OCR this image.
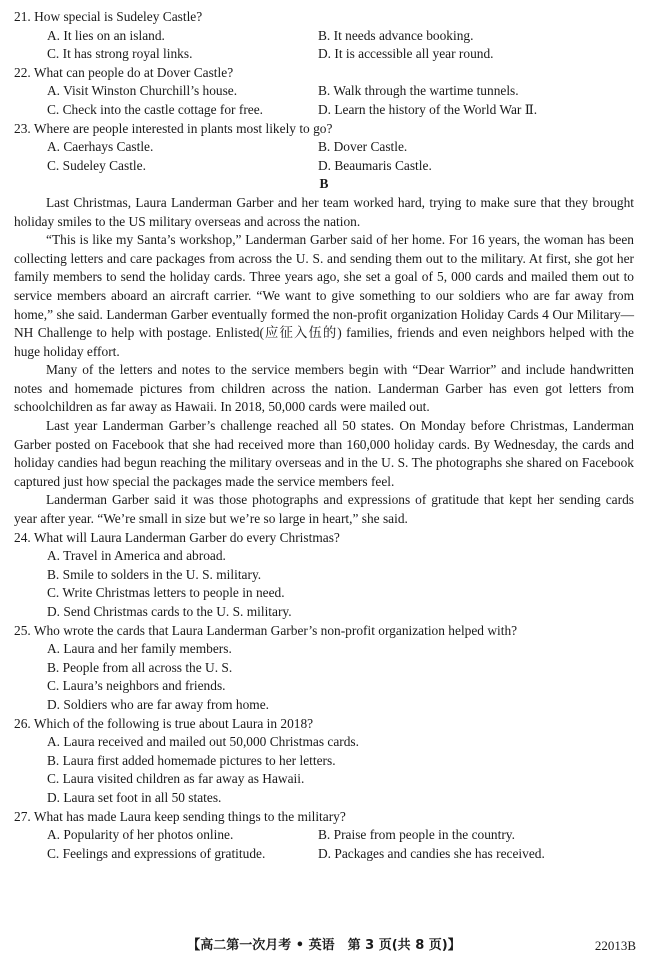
21. How special is Sudeley Castle?
A. It lies on an island.	B. It needs advance booking.
C. It has strong royal links.	D. It is accessible all year round.
22. What can people do at Dover Castle?
A. Visit Winston Churchill’s house.	B. Walk through the wartime tunnels.
C. Check into the castle cottage for free.	D. Learn the history of the World War Ⅱ.
23. Where are people interested in plants most likely to go?
A. Caerhays Castle.	B. Dover Castle.
C. Sudeley Castle.	D. Beaumaris Castle.
B

Last Christmas, Laura Landerman Garber and her team worked hard, trying to make sure that they brought holiday smiles to the US military overseas and across the nation.

“This is like my Santa’s workshop,” Landerman Garber said of her home. For 16 years, the woman has been collecting letters and care packages from across the U. S. and sending them out to the military. At first, she got her family members to send the holiday cards. Three years ago, she set a goal of 5, 000 cards and mailed them out to service members aboard an aircraft carrier. “We want to give something to our soldiers who are far away from home,” she said. Landerman Garber eventually formed the non-profit organization Holiday Cards 4 Our Military—NH Challenge to help with postage. Enlisted(应征入伍的) families, friends and even neighbors helped with the huge holiday effort.

Many of the letters and notes to the service members begin with “Dear Warrior” and include handwritten notes and homemade pictures from children across the nation. Landerman Garber has even got letters from schoolchildren as far away as Hawaii. In 2018, 50,000 cards were mailed out.

Last year Landerman Garber’s challenge reached all 50 states. On Monday before Christmas, Landerman Garber posted on Facebook that she had received more than 160,000 holiday cards. By Wednesday, the cards and holiday candies had begun reaching the military overseas and in the U. S. The photographs she shared on Facebook captured just how special the packages made the service members feel.

Landerman Garber said it was those photographs and expressions of gratitude that kept her sending cards year after year. “We’re small in size but we’re so large in heart,” she said.

24. What will Laura Landerman Garber do every Christmas?
A. Travel in America and abroad.
B. Smile to solders in the U. S. military.
C. Write Christmas letters to people in need.
D. Send Christmas cards to the U. S. military.
25. Who wrote the cards that Laura Landerman Garber’s non-profit organization helped with?
A. Laura and her family members.
B. People from all across the U. S.
C. Laura’s neighbors and friends.
D. Soldiers who are far away from home.
26. Which of the following is true about Laura in 2018?
A. Laura received and mailed out 50,000 Christmas cards.
B. Laura first added homemade pictures to her letters.
C. Laura visited children as far away as Hawaii.
D. Laura set foot in all 50 states.
27. What has made Laura keep sending things to the military?
A. Popularity of her photos online.	B. Praise from people in the country.
C. Feelings and expressions of gratitude.	D. Packages and candies she has received.
【高二第一次月考 • 英语　第 3 页(共 8 页)】	22013B
